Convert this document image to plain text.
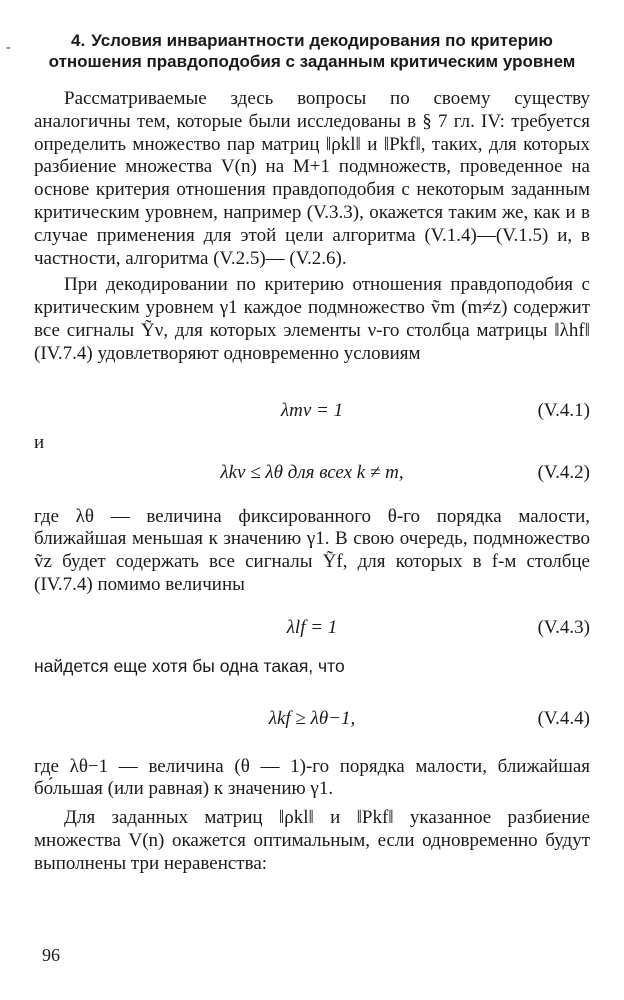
-	4. Условия инвариантности декодирования по критерию отношения правдоподобия с заданным критическим уровнем

Рассматриваемые здесь вопросы по своему существу аналогичны тем, которые были исследованы в § 7 гл. IV: требуется определить множество пар матриц ‖ρkl‖ и ‖Pkf‖, таких, для которых разбиение множества V(n) на M+1 подмножеств, проведенное на основе критерия отношения правдоподобия с некоторым заданным критическим уровнем, например (V.3.3), окажется таким же, как и в случае применения для этой цели алгоритма (V.1.4)—(V.1.5) и, в частности, алгоритма (V.2.5)— (V.2.6).

При декодировании по критерию отношения правдоподобия с критическим уровнем γ1 каждое подмножество ṽm (m≠z) содержит все сигналы Ỹν, для которых элементы ν-го столбца матрицы ‖λhf‖ (IV.7.4) удовлетворяют одновременно условиям

λmν = 1	(V.4.1)
и
λkν ≤ λθ для всех k ≠ m,	(V.4.2)

где λθ — величина фиксированного θ-го порядка малости, ближайшая меньшая к значению γ1. В свою очередь, подмножество ṽz будет содержать все сигналы Ỹf, для которых в f-м столбце (IV.7.4) помимо величины

λlf = 1	(V.4.3)

найдется еще хотя бы одна такая, что

λkf ≥ λθ−1,	(V.4.4)

где λθ−1 — величина (θ — 1)-го порядка малости, ближайшая бо́льшая (или равная) к значению γ1.

Для заданных матриц ‖ρkl‖ и ‖Pkf‖ указанное разбиение множества V(n) окажется оптимальным, если одновременно будут выполнены три неравенства:

96
